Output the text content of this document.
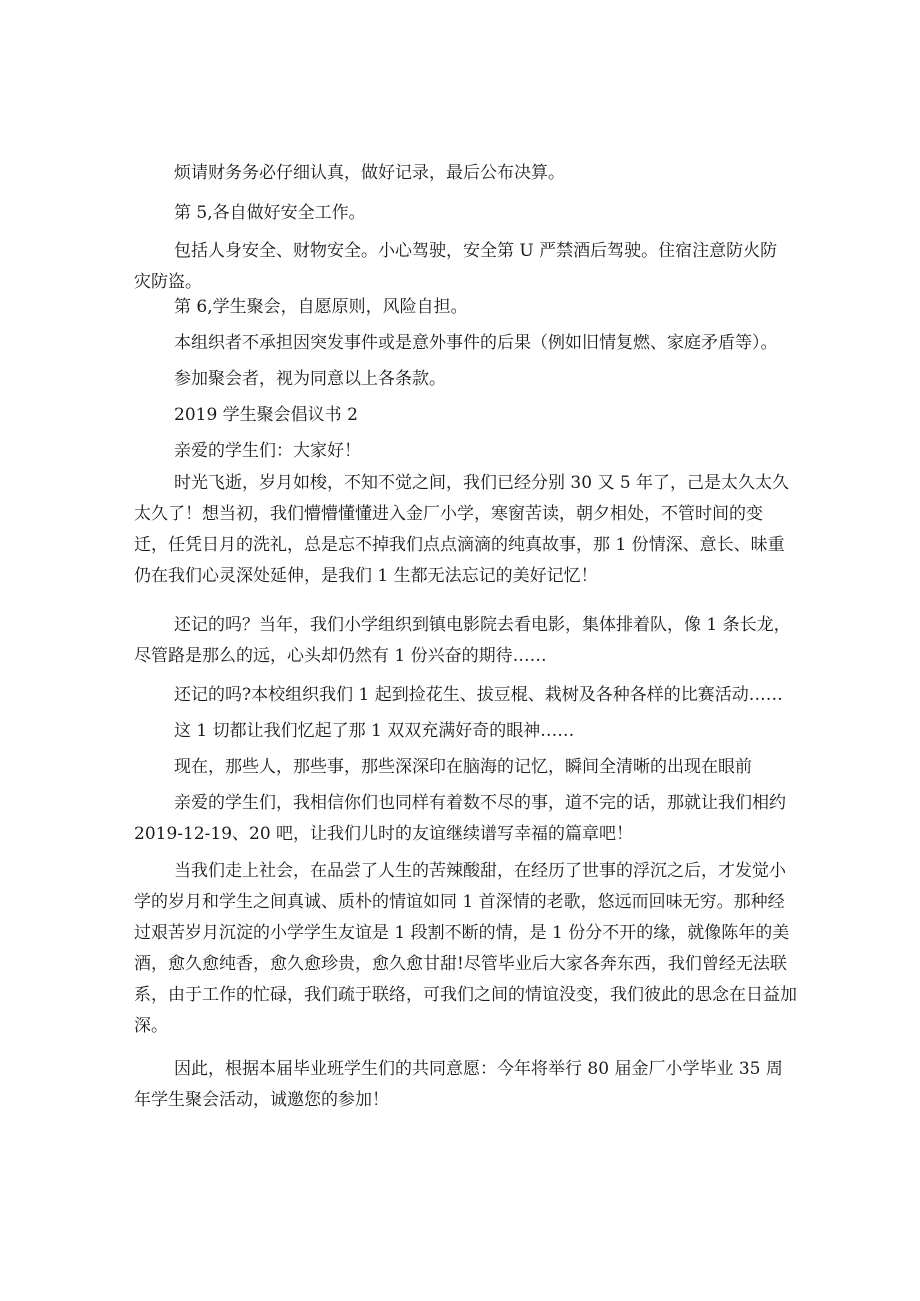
烦请财务务必仔细认真，做好记录，最后公布决算。

第 5,各自做好安全工作。

包括人身安全、财物安全。小心驾驶，安全第 U 严禁酒后驾驶。住宿注意防火防灾防盗。

第 6,学生聚会，自愿原则，风险自担。

本组织者不承担因突发事件或是意外事件的后果（例如旧情复燃、家庭矛盾等）。

参加聚会者，视为同意以上各条款。

2019 学生聚会倡议书 2

亲爱的学生们：大家好！

时光飞逝，岁月如梭，不知不觉之间，我们已经分别 30 又 5 年了，己是太久太久太久了！想当初，我们懵懵懂懂进入金厂小学，寒窗苦读，朝夕相处，不管时间的变迁，任凭日月的洗礼，总是忘不掉我们点点滴滴的纯真故事，那 1 份情深、意长、昧重仍在我们心灵深处延伸，是我们 1 生都无法忘记的美好记忆！

还记的吗？当年，我们小学组织到镇电影院去看电影，集体排着队，像 1 条长龙，尽管路是那么的远，心头却仍然有 1 份兴奋的期待……

还记的吗?本校组织我们 1 起到捡花生、拔豆棍、栽树及各种各样的比赛活动……

这 1 切都让我们忆起了那 1 双双充满好奇的眼神……

现在，那些人，那些事，那些深深印在脑海的记忆，瞬间全清晰的出现在眼前

亲爱的学生们，我相信你们也同样有着数不尽的事，道不完的话，那就让我们相约 2019-12-19、20 吧，让我们儿时的友谊继续谱写幸福的篇章吧！

当我们走上社会，在品尝了人生的苦辣酸甜，在经历了世事的浮沉之后，才发觉小学的岁月和学生之间真诚、质朴的情谊如同 1 首深情的老歌，悠远而回味无穷。那种经过艰苦岁月沉淀的小学学生友谊是 1 段割不断的情，是 1 份分不开的缘，就像陈年的美酒，愈久愈纯香，愈久愈珍贵，愈久愈甘甜!尽管毕业后大家各奔东西，我们曾经无法联系，由于工作的忙碌，我们疏于联络，可我们之间的情谊没变，我们彼此的思念在日益加深。

因此，根据本届毕业班学生们的共同意愿：今年将举行 80 届金厂小学毕业 35 周年学生聚会活动，诚邀您的参加！
